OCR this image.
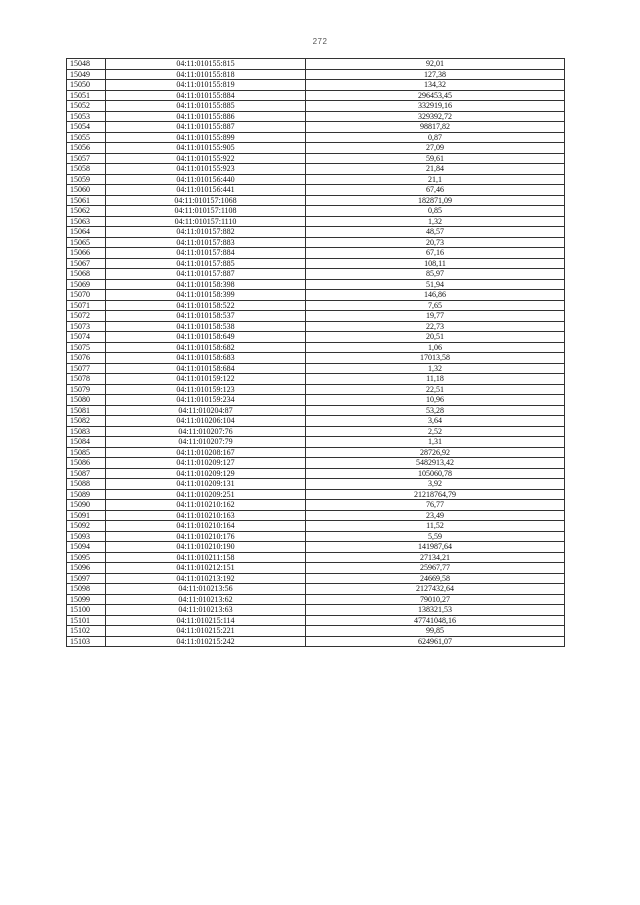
272
15048	04:11:010155:815	92,01
15049	04:11:010155:818	127,38
15050	04:11:010155:819	134,32
15051	04:11:010155:884	296453,45
15052	04:11:010155:885	332919,16
15053	04:11:010155:886	329392,72
15054	04:11:010155:887	98817,82
15055	04:11:010155:899	0,87
15056	04:11:010155:905	27,09
15057	04:11:010155:922	59,61
15058	04:11:010155:923	21,84
15059	04:11:010156:440	21,1
15060	04:11:010156:441	67,46
15061	04:11:010157:1068	182871,09
15062	04:11:010157:1108	0,85
15063	04:11:010157:1110	1,32
15064	04:11:010157:882	48,57
15065	04:11:010157:883	20,73
15066	04:11:010157:884	67,16
15067	04:11:010157:885	108,11
15068	04:11:010157:887	85,97
15069	04:11:010158:398	51,94
15070	04:11:010158:399	146,86
15071	04:11:010158:522	7,65
15072	04:11:010158:537	19,77
15073	04:11:010158:538	22,73
15074	04:11:010158:649	20,51
15075	04:11:010158:682	1,06
15076	04:11:010158:683	17013,58
15077	04:11:010158:684	1,32
15078	04:11:010159:122	11,18
15079	04:11:010159:123	22,51
15080	04:11:010159:234	10,96
15081	04:11:010204:87	53,28
15082	04:11:010206:104	3,64
15083	04:11:010207:76	2,52
15084	04:11:010207:79	1,31
15085	04:11:010208:167	28726,92
15086	04:11:010209:127	5482913,42
15087	04:11:010209:129	105060,78
15088	04:11:010209:131	3,92
15089	04:11:010209:251	21218764,79
15090	04:11:010210:162	76,77
15091	04:11:010210:163	23,49
15092	04:11:010210:164	11,52
15093	04:11:010210:176	5,59
15094	04:11:010210:190	141987,64
15095	04:11:010211:158	27134,21
15096	04:11:010212:151	25967,77
15097	04:11:010213:192	24669,58
15098	04:11:010213:56	2127432,64
15099	04:11:010213:62	79010,27
15100	04:11:010213:63	138321,53
15101	04:11:010215:114	47741048,16
15102	04:11:010215:221	99,85
15103	04:11:010215:242	624961,07
